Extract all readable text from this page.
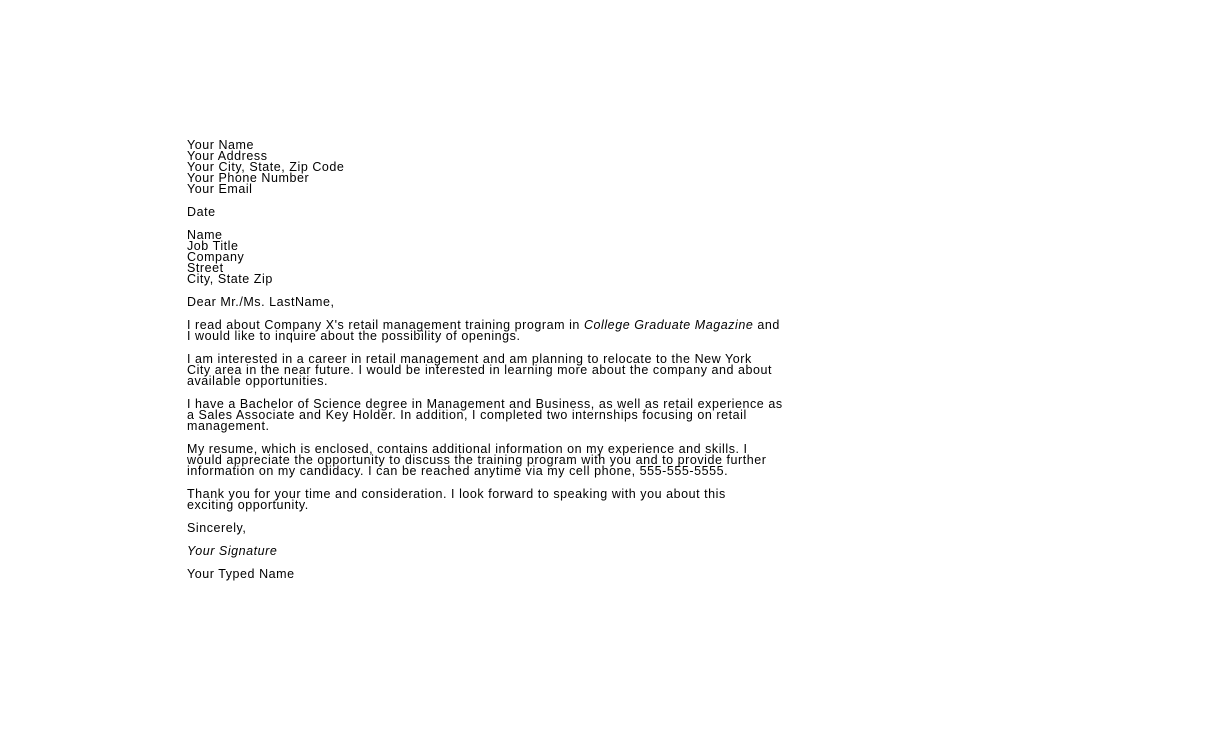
Your Name
Your Address
Your City, State, Zip Code
Your Phone Number
Your Email
Date
Name
Job Title
Company
Street
City, State Zip
Dear Mr./Ms. LastName,
I read about Company X's retail management training program in College Graduate Magazine and
I would like to inquire about the possibility of openings.
I am interested in a career in retail management and am planning to relocate to the New York
City area in the near future. I would be interested in learning more about the company and about
available opportunities.
I have a Bachelor of Science degree in Management and Business, as well as retail experience as
a Sales Associate and Key Holder. In addition, I completed two internships focusing on retail
management.
My resume, which is enclosed, contains additional information on my experience and skills. I
would appreciate the opportunity to discuss the training program with you and to provide further
information on my candidacy. I can be reached anytime via my cell phone, 555-555-5555.
Thank you for your time and consideration. I look forward to speaking with you about this
exciting opportunity.
Sincerely,
Your Signature
Your Typed Name
